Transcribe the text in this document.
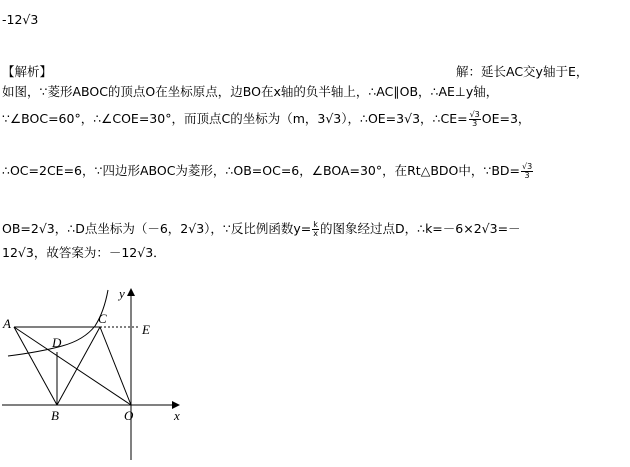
-12√3
【解析】	解：延长AC交y轴于E，
如图，∵菱形ABOC的顶点O在坐标原点，边BO在x轴的负半轴上，∴AC∥OB，∴AE⊥y轴，
∵∠BOC=60°，∴∠COE=30°，而顶点C的坐标为（m，3√3），∴OE=3√3，∴CE= $\frac{√3}{3} OE=3$，
∴OC=2CE=6，∵四边形ABOC为菱形，∴OB=OC=6，∠BOA=30°，在Rt△BDO中，∵BD= $\frac{√3}{3}$
OB=2√3，∴D点坐标为（－6，2√3），∵反比例函数$y= \frac{k}{x}$ 的图象经过点D，∴k=－6×2√3=－
12√3，故答案为：－12√3．
A
D
C
E
B	O
y
x
